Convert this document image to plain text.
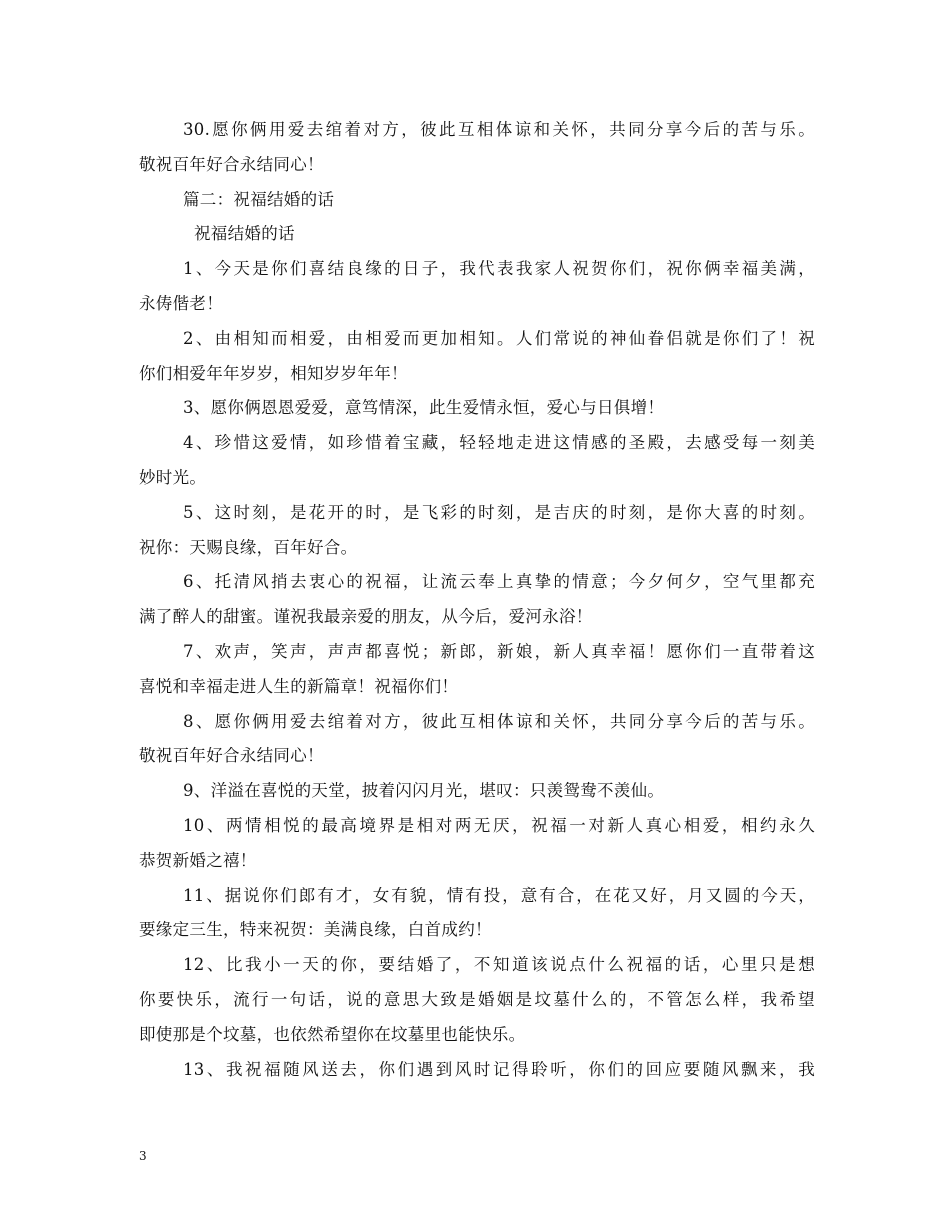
30.愿你俩用爱去绾着对方，彼此互相体谅和关怀，共同分享今后的苦与乐。
敬祝百年好合永结同心！
篇二：祝福结婚的话
祝福结婚的话
1、今天是你们喜结良缘的日子，我代表我家人祝贺你们，祝你俩幸福美满，
永俦偕老！
2、由相知而相爱，由相爱而更加相知。人们常说的神仙眷侣就是你们了！祝
你们相爱年年岁岁，相知岁岁年年！
3、愿你俩恩恩爱爱，意笃情深，此生爱情永恒，爱心与日俱增！
4、珍惜这爱情，如珍惜着宝藏，轻轻地走进这情感的圣殿，去感受每一刻美
妙时光。
5、这时刻，是花开的时，是飞彩的时刻，是吉庆的时刻，是你大喜的时刻。
祝你：天赐良缘，百年好合。
6、托清风捎去衷心的祝福，让流云奉上真挚的情意；今夕何夕，空气里都充
满了醉人的甜蜜。谨祝我最亲爱的朋友，从今后，爱河永浴！
7、欢声，笑声，声声都喜悦；新郎，新娘，新人真幸福！愿你们一直带着这
喜悦和幸福走进人生的新篇章！祝福你们！
8、愿你俩用爱去绾着对方，彼此互相体谅和关怀，共同分享今后的苦与乐。
敬祝百年好合永结同心！
9、洋溢在喜悦的天堂，披着闪闪月光，堪叹：只羡鸳鸯不羡仙。
10、两情相悦的最高境界是相对两无厌，祝福一对新人真心相爱，相约永久
恭贺新婚之禧！
11、据说你们郎有才，女有貌，情有投，意有合，在花又好，月又圆的今天，
要缘定三生，特来祝贺：美满良缘，白首成约！
12、比我小一天的你，要结婚了，不知道该说点什么祝福的话，心里只是想
你要快乐，流行一句话，说的意思大致是婚姻是坟墓什么的，不管怎么样，我希望
即使那是个坟墓，也依然希望你在坟墓里也能快乐。
13、我祝福随风送去，你们遇到风时记得聆听，你们的回应要随风飘来，我
3
